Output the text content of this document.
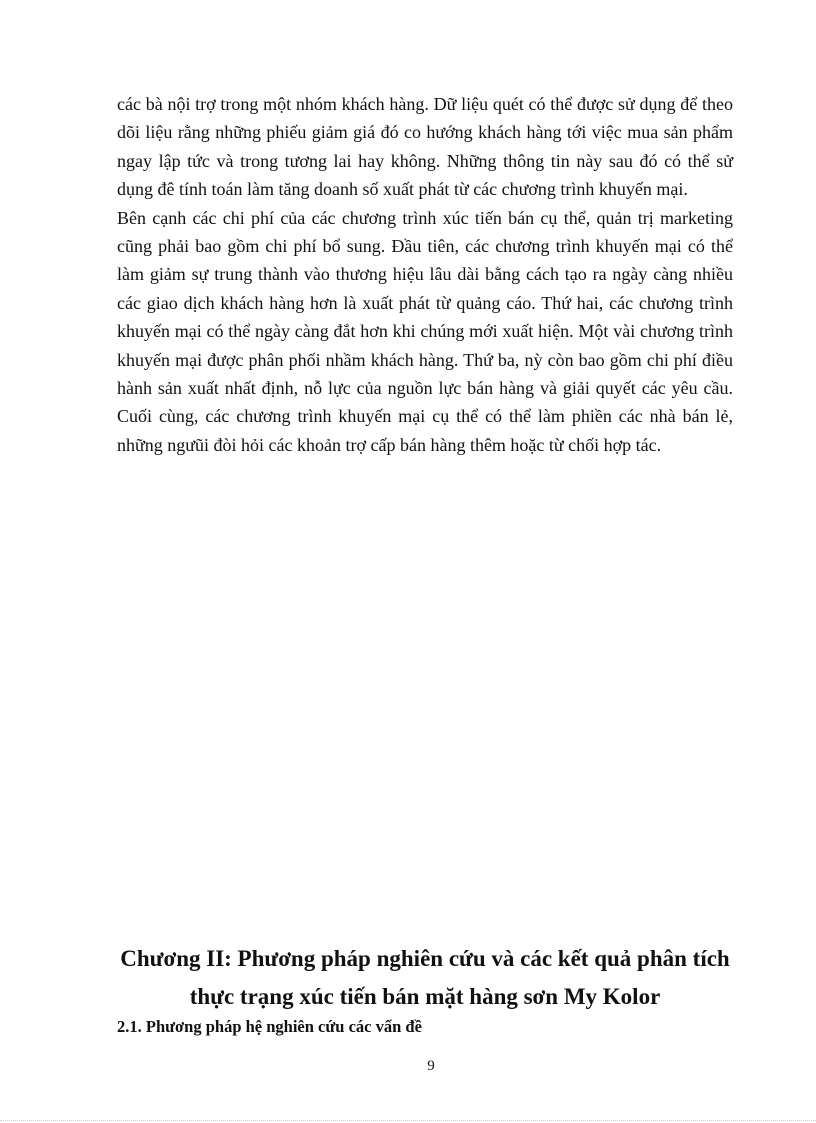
các bà nội trợ trong một nhóm khách hàng. Dữ liệu quét có thể được sử dụng để theo dõi liệu rằng những phiếu giảm giá đó co hướng khách hàng tới việc mua sản phẩm ngay lập tức và trong tương lai hay không. Những thông tin này sau đó có thể sử dụng đê tính toán làm tăng doanh số xuất phát từ các chương trình khuyến mại.

Bên cạnh các chi phí của các chương trình xúc tiến bán cụ thể, quản trị marketing cũng phải bao gồm chi phí bổ sung. Đầu tiên, các chương trình khuyến mại có thể làm giảm sự trung thành vào thương hiệu lâu dài bằng cách tạo ra ngày càng nhiều các giao dịch khách hàng hơn là xuất phát từ quảng cáo. Thứ hai, các chương trình khuyến mại có thể ngày càng đắt hơn khi chúng mới xuất hiện. Một vài chương trình khuyến mại được phân phối nhầm khách hàng. Thứ ba, nỳ còn bao gồm chi phí điều hành sản xuất nhất định, nỗ lực của nguồn lực bán hàng và giải quyết các yêu cầu. Cuối cùng, các chương trình khuyến mại cụ thể có thể làm phiền các nhà bán lẻ, những ngưũi đòi hỏi các khoản trợ cấp bán hàng thêm hoặc từ chối hợp tác.

Chương II: Phương pháp nghiên cứu và các kết quả phân tích thực trạng xúc tiến bán mặt hàng sơn My Kolor
2.1. Phương pháp hệ nghiên cứu các vấn đề
9
